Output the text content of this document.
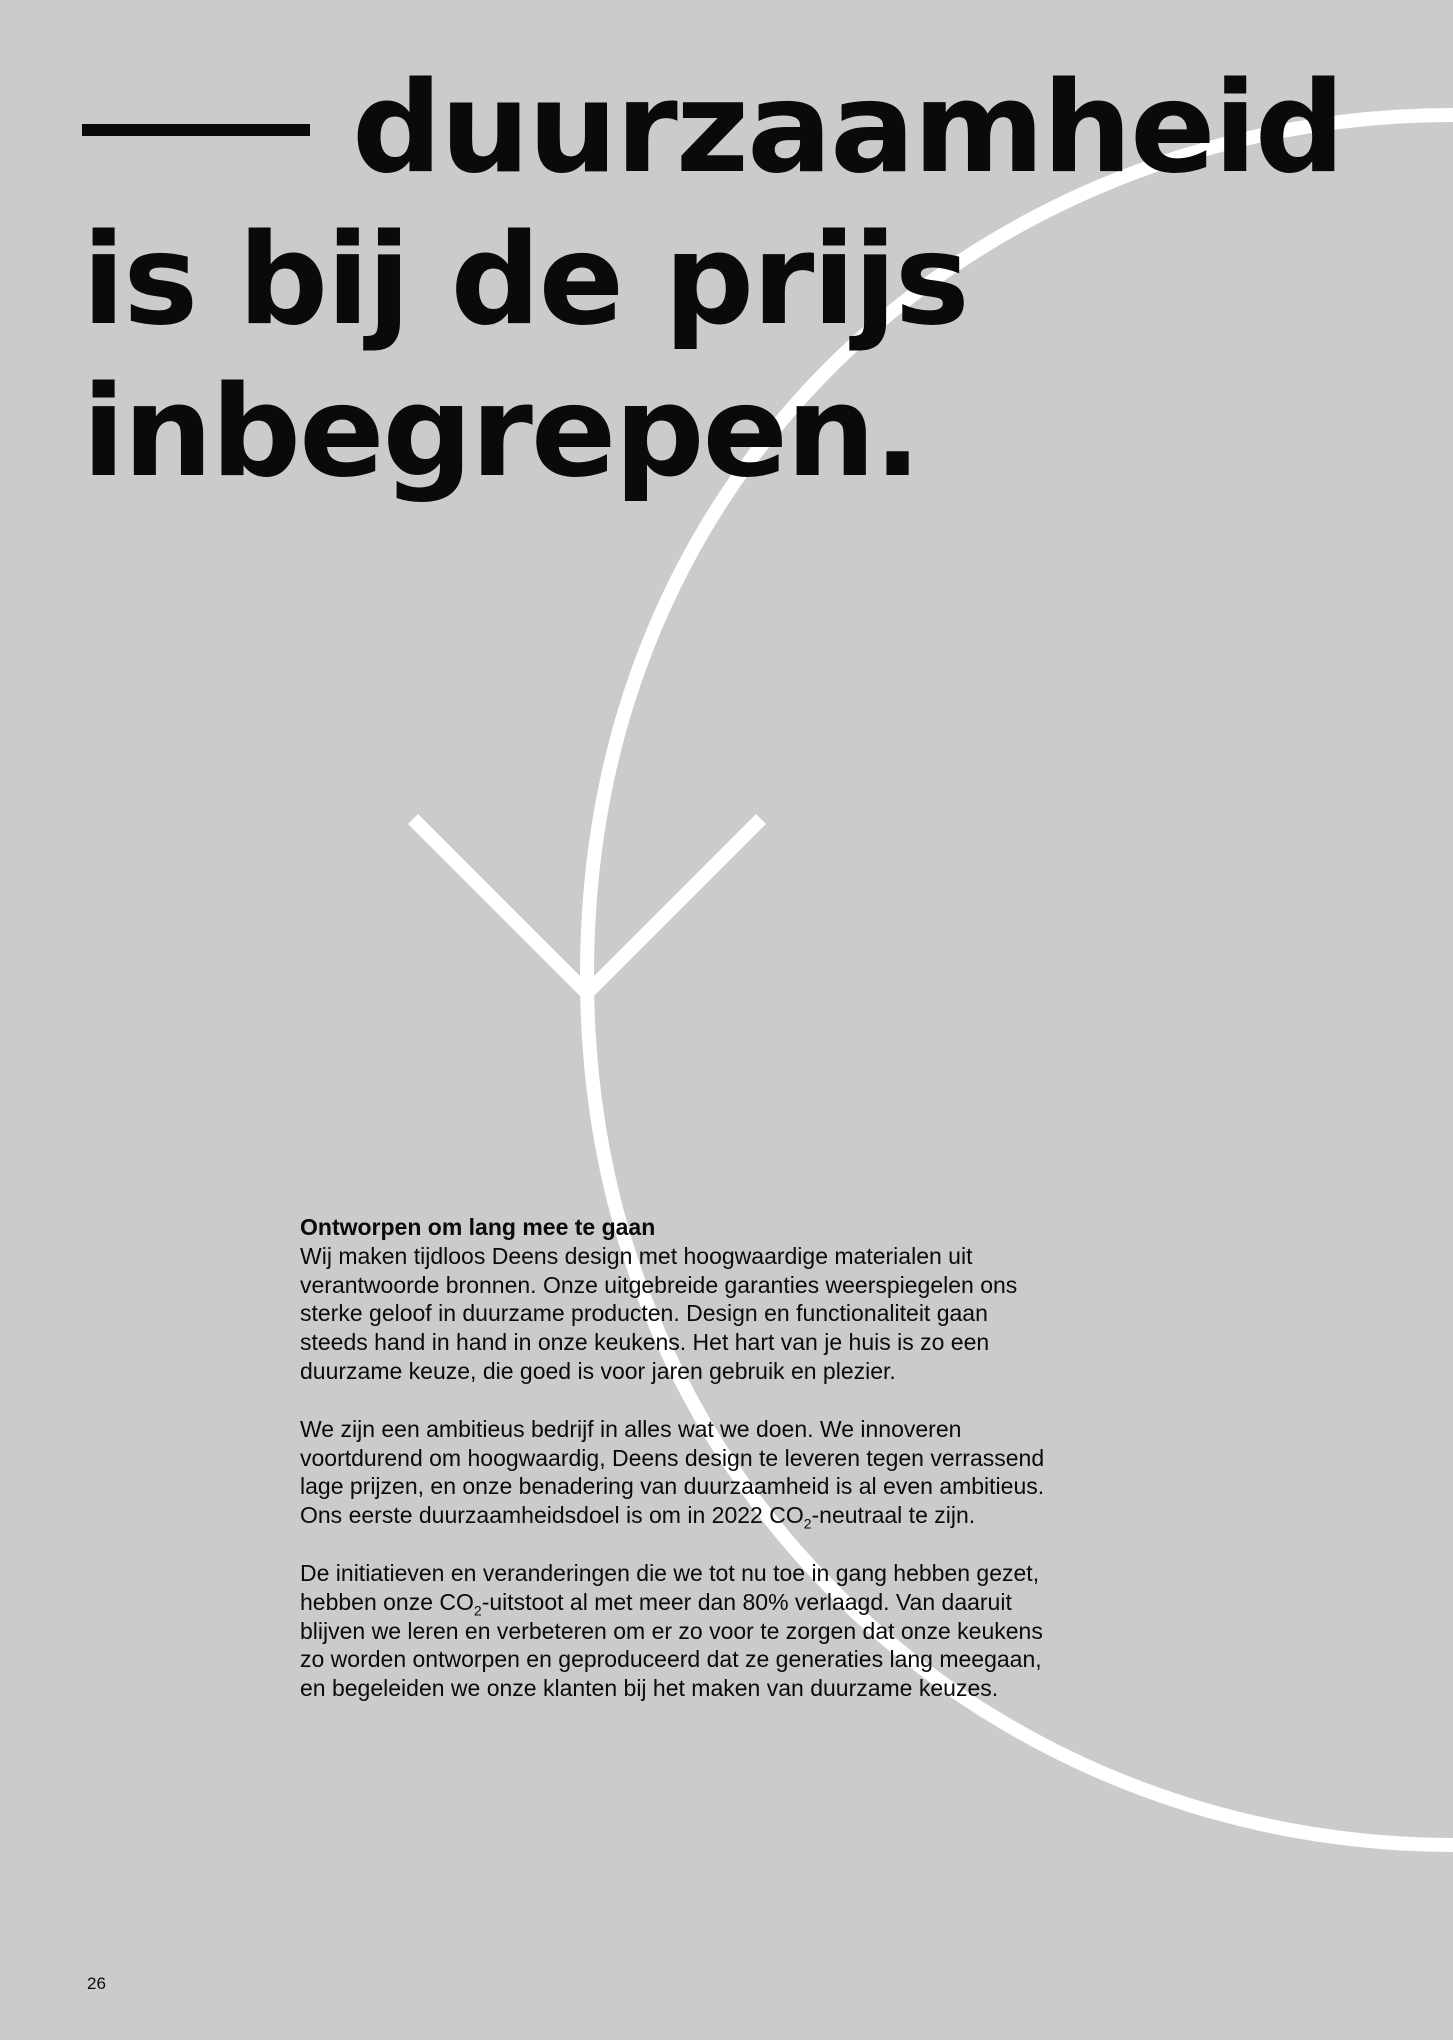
duurzaamheid
is bij de prijs
inbegrepen.
Ontworpen om lang mee te gaan

Wij maken tijdloos Deens design met hoogwaardige materialen uit verantwoorde bronnen. Onze uitgebreide garanties weerspiegelen ons sterke geloof in duurzame producten. Design en functionaliteit gaan steeds hand in hand in onze keukens. Het hart van je huis is zo een duurzame keuze, die goed is voor jaren gebruik en plezier.

We zijn een ambitieus bedrijf in alles wat we doen. We innoveren voortdurend om hoogwaardig, Deens design te leveren tegen verrassend lage prijzen, en onze benadering van duurzaamheid is al even ambitieus. Ons eerste duurzaamheidsdoel is om in 2022 $CO_2$-neutraal te zijn.

De initiatieven en veranderingen die we tot nu toe in gang hebben gezet, hebben onze $CO_2$-uitstoot al met meer dan 80% verlaagd. Van daaruit blijven we leren en verbeteren om er zo voor te zorgen dat onze keukens zo worden ontworpen en geproduceerd dat ze generaties lang meegaan, en begeleiden we onze klanten bij het maken van duurzame keuzes.

26
